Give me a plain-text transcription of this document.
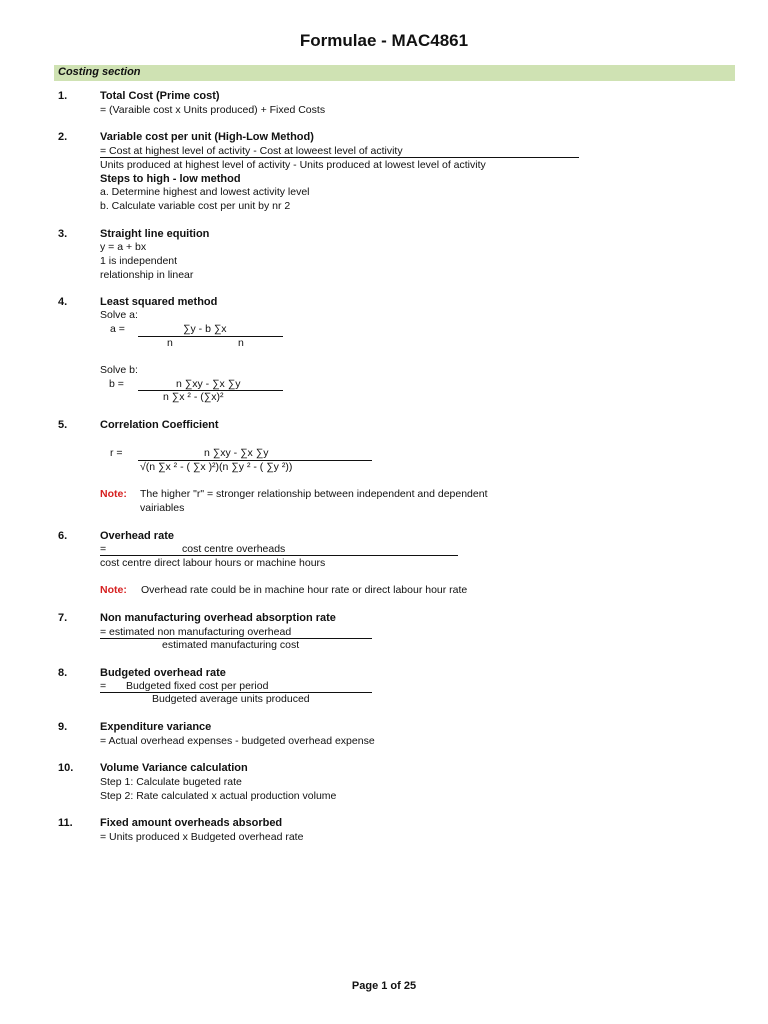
Formulae - MAC4861
Costing section
1.	Total Cost (Prime cost)
= (Varaible cost x Units produced) + Fixed Costs
2.	Variable cost per unit (High-Low Method)
= Cost at highest level of activity - Cost at loweest level of activity
Units produced at highest level of activity - Units produced at lowest level of activity
Steps to high - low method
a. Determine highest and lowest activity level
b. Calculate variable cost per unit by nr 2
3.	Straight line equition
y = a + bx
1 is independent
relationship in linear
4.	Least squared method
Solve a:
a =	∑y - b ∑x
n	n
Solve b:
b =	n ∑xy - ∑x ∑y
n ∑x ² - (∑x)²
5.	Correlation Coefficient
r =	n ∑xy - ∑x ∑y
√(n ∑x ² - ( ∑x )²)(n ∑y ² - ( ∑y ²))
Note: The higher "r" = stronger relationship between independent and dependent
vairiables
6.	Overhead rate
=	cost centre overheads
cost centre direct labour hours or machine hours
Note: Overhead rate could be in machine hour rate or direct labour hour rate
7.	Non manufacturing overhead absorption rate
= estimated non manufacturing overhead
estimated manufacturing cost
8.	Budgeted overhead rate
= Budgeted fixed cost per period
Budgeted average units produced
9.	Expenditure variance
= Actual overhead expenses - budgeted overhead expense
10. Volume Variance calculation
Step 1: Calculate bugeted rate
Step 2: Rate calculated x actual production volume
11. Fixed amount overheads absorbed
= Units produced x Budgeted overhead rate
Page 1 of 25
